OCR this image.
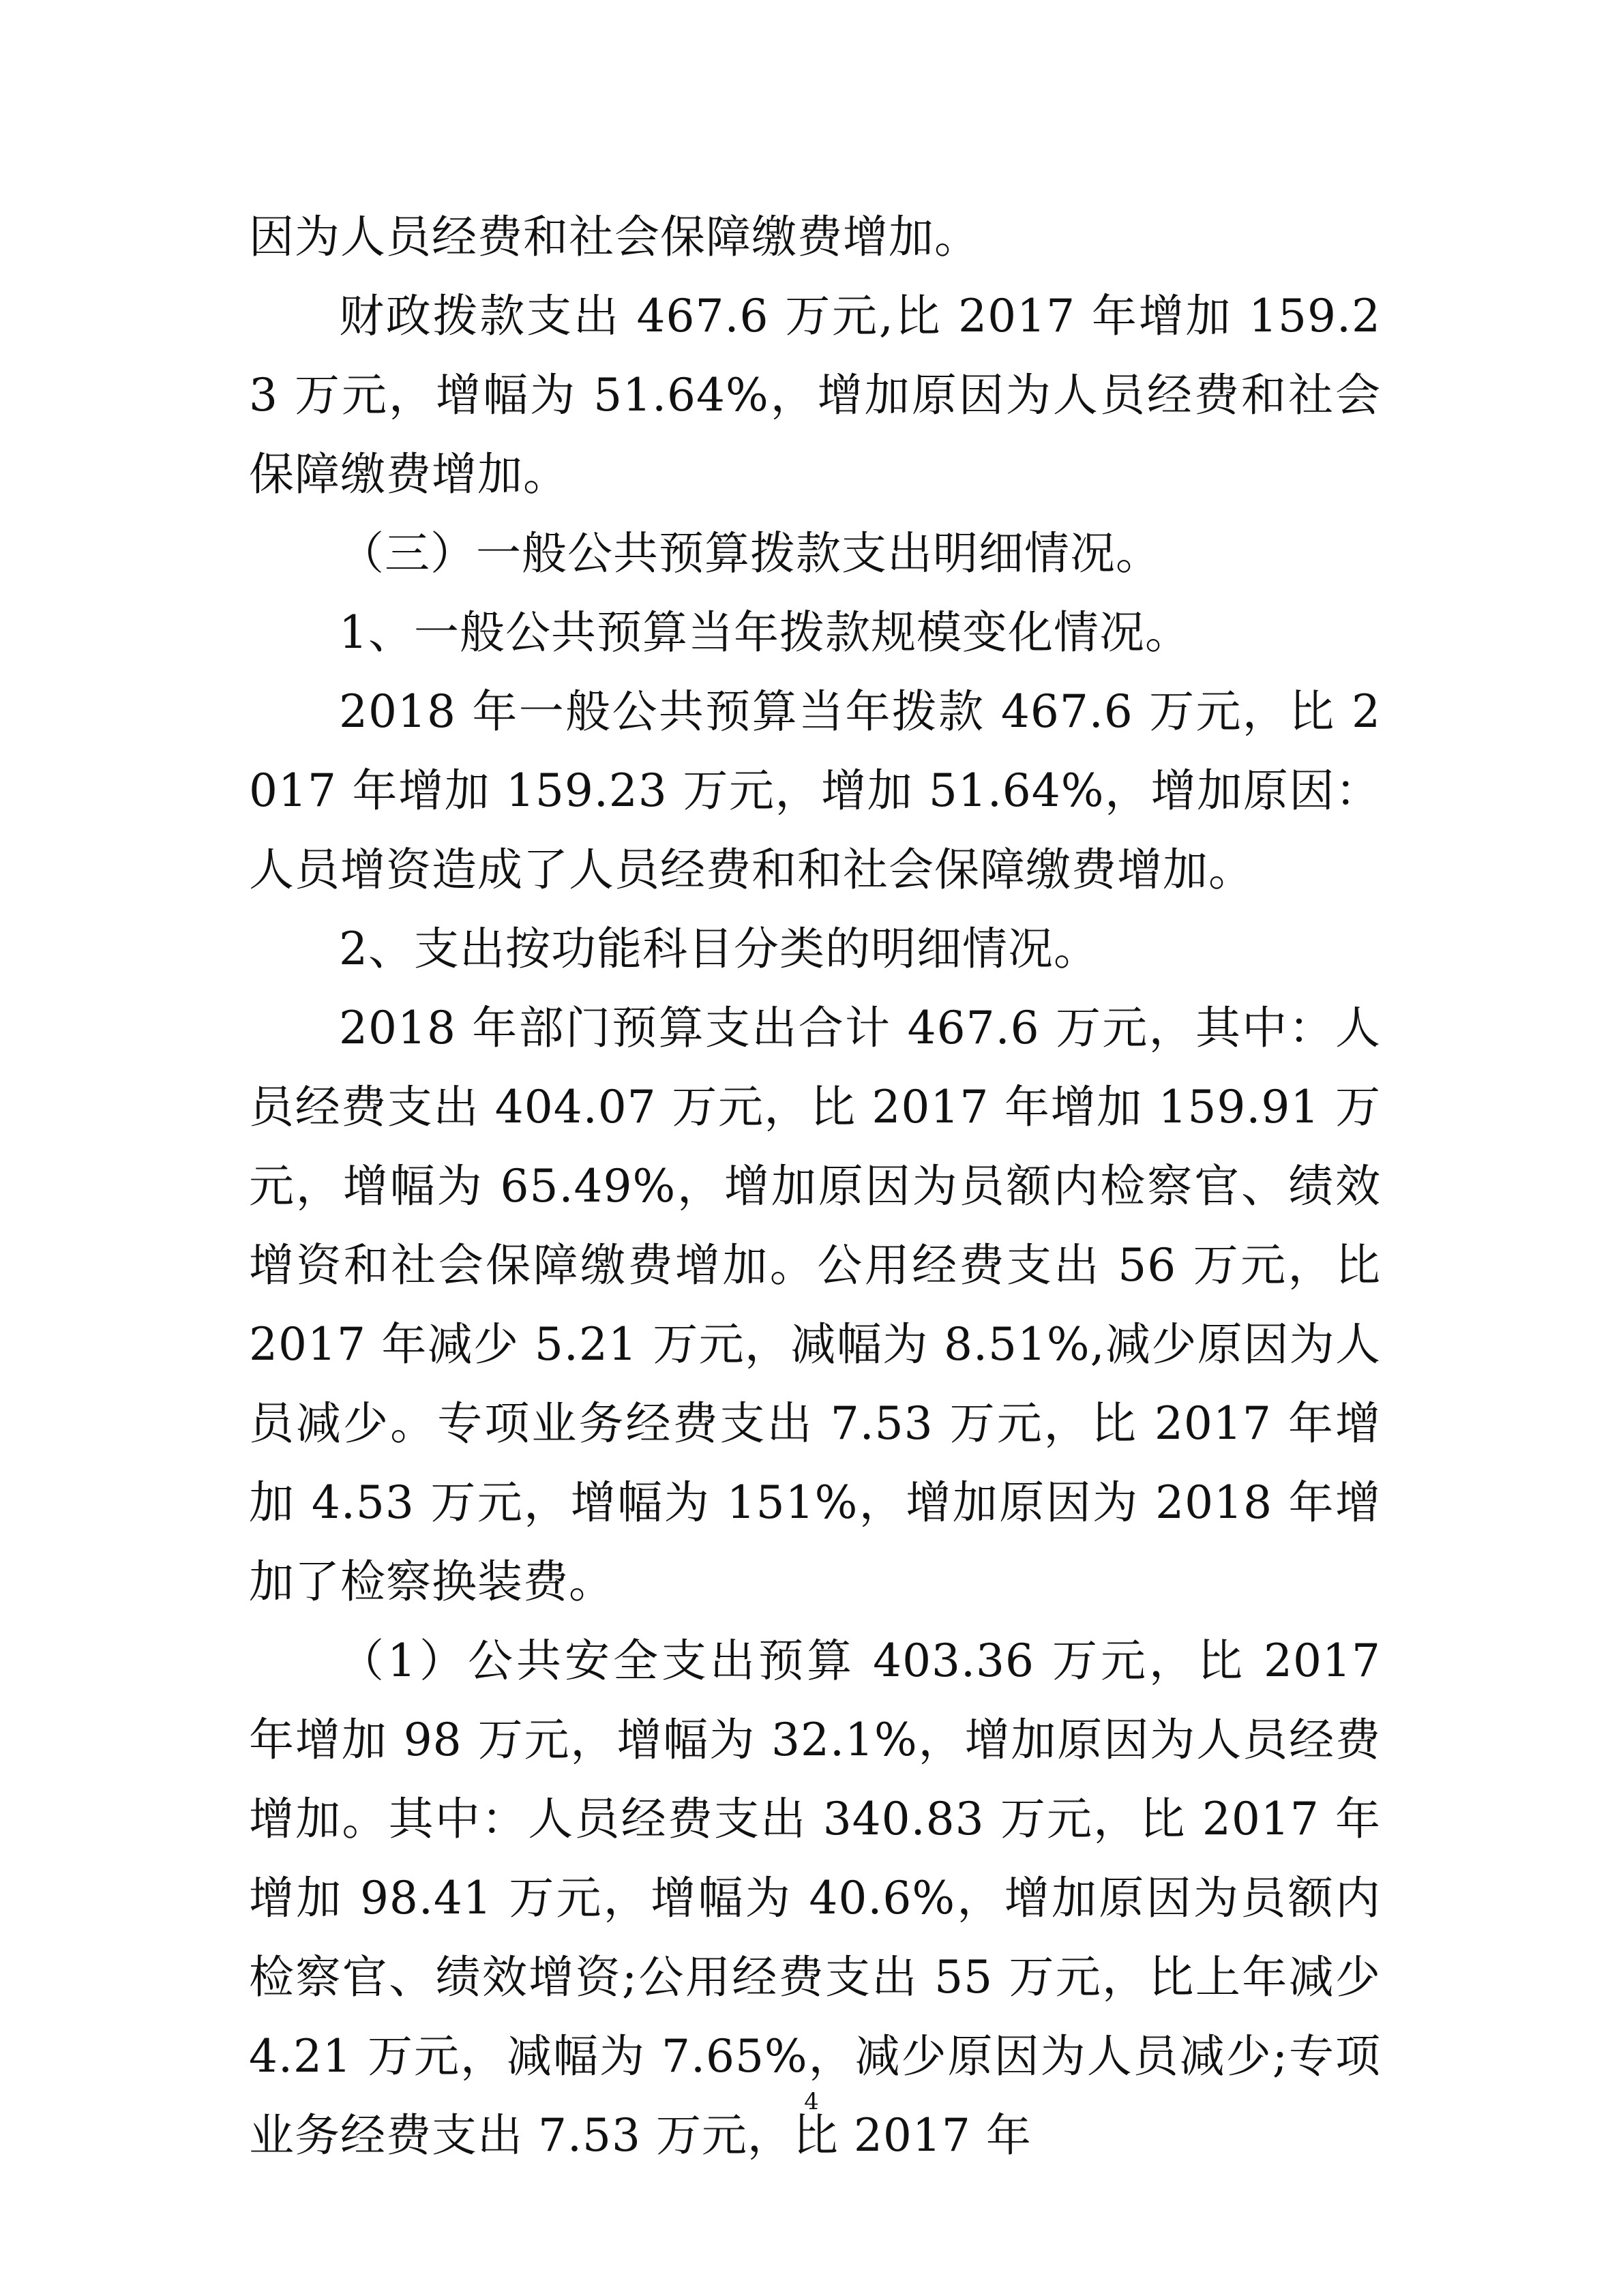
因为人员经费和社会保障缴费增加。

财政拨款支出 467.6 万元,比 2017 年增加 159.23 万元，增幅为 51.64%，增加原因为人员经费和社会保障缴费增加。

（三）一般公共预算拨款支出明细情况。

1、一般公共预算当年拨款规模变化情况。

2018 年一般公共预算当年拨款 467.6 万元，比 2017 年增加 159.23 万元，增加 51.64%，增加原因：人员增资造成了人员经费和和社会保障缴费增加。

2、支出按功能科目分类的明细情况。

2018 年部门预算支出合计 467.6 万元，其中：人员经费支出 404.07 万元，比 2017 年增加 159.91 万元，增幅为 65.49%，增加原因为员额内检察官、绩效增资和社会保障缴费增加。公用经费支出 56 万元，比 2017 年减少 5.21 万元，减幅为 8.51%,减少原因为人员减少。专项业务经费支出 7.53 万元，比 2017 年增加 4.53 万元，增幅为 151%，增加原因为 2018 年增加了检察换装费。

（1）公共安全支出预算 403.36 万元，比 2017 年增加 98 万元，增幅为 32.1%，增加原因为人员经费增加。其中：人员经费支出 340.83 万元，比 2017 年增加 98.41 万元，增幅为 40.6%，增加原因为员额内检察官、绩效增资;公用经费支出 55 万元，比上年减少 4.21 万元，减幅为 7.65%，减少原因为人员减少;专项业务经费支出 7.53 万元，比 2017 年

4
